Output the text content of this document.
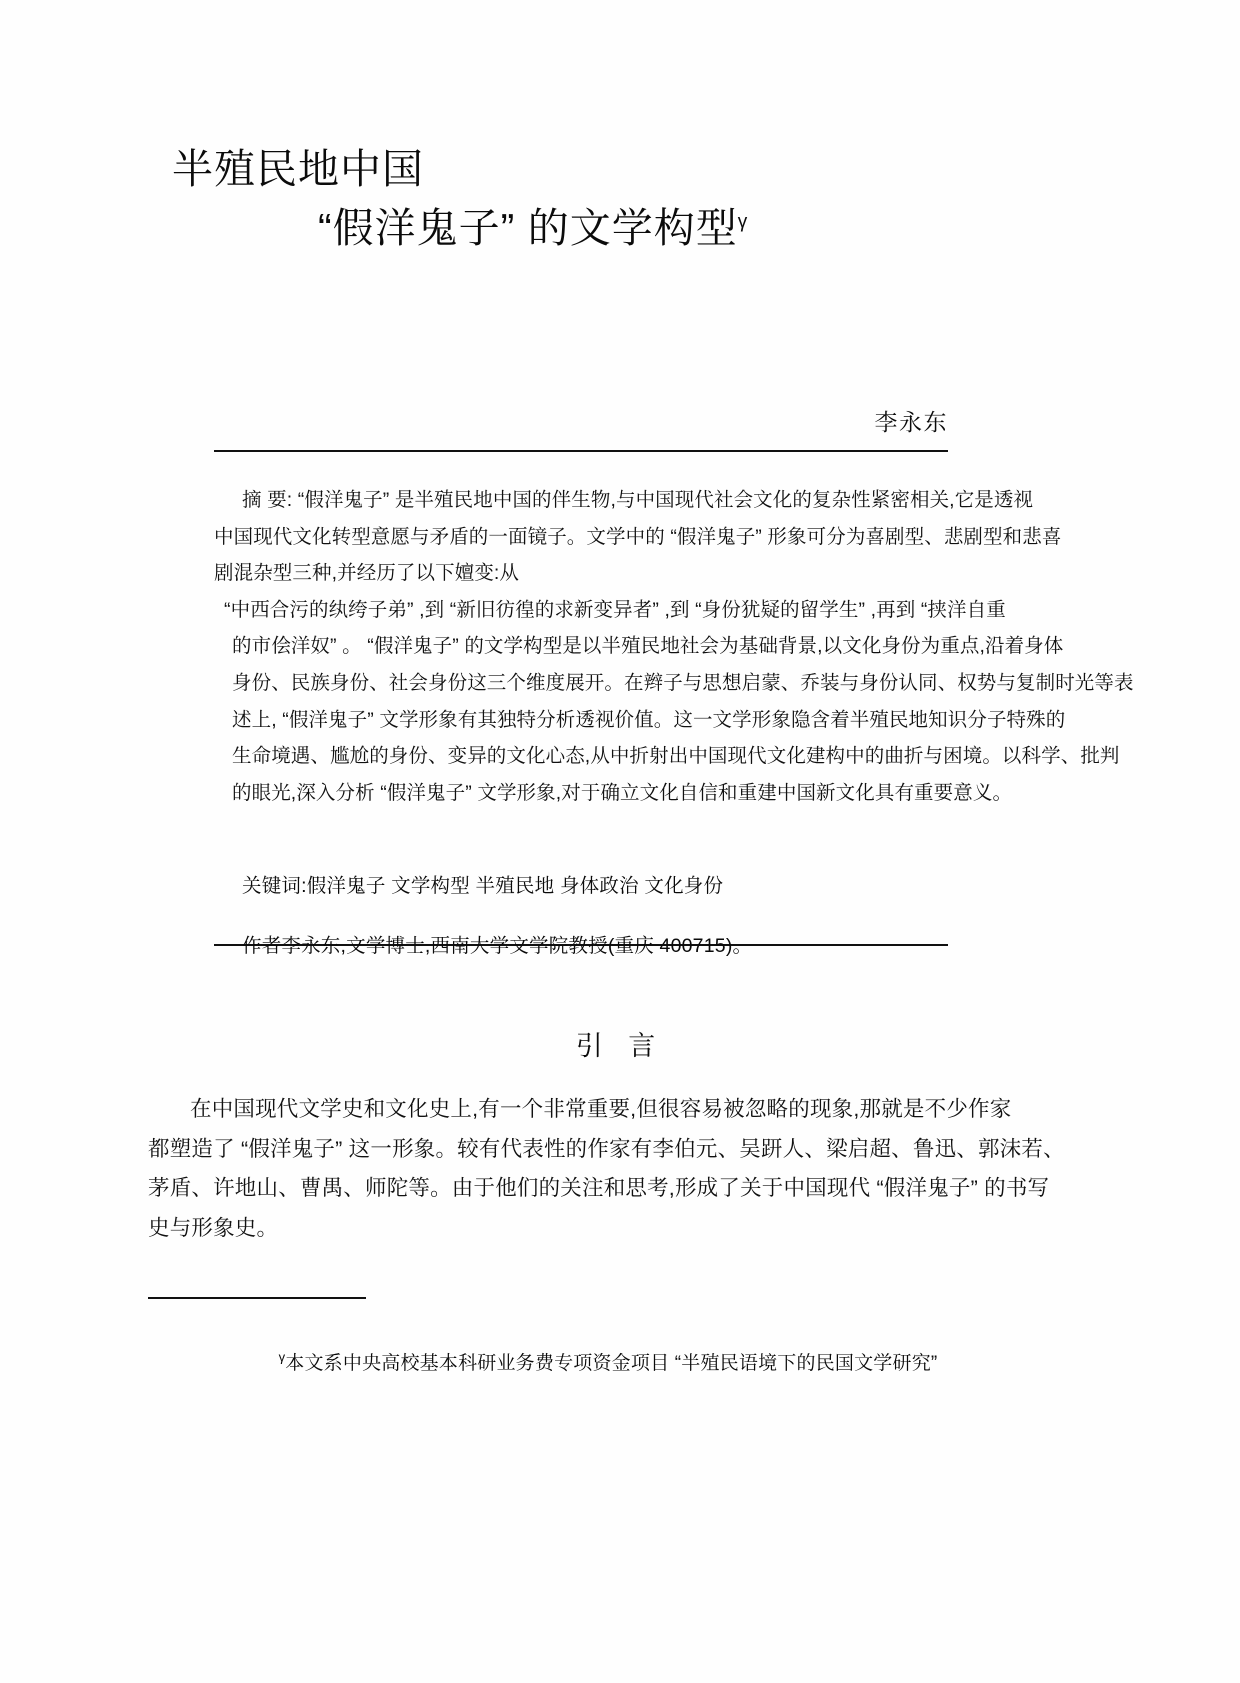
半殖民地中国
“假洋鬼子” 的文学构型$^\gamma$
李永东

摘 要: “假洋鬼子” 是半殖民地中国的伴生物,与中国现代社会文化的复杂性紧密相关,它是透视

中国现代文化转型意愿与矛盾的一面镜子。文学中的 “假洋鬼子” 形象可分为喜剧型、悲剧型和悲喜

剧混杂型三种,并经历了以下嬗变:从

“中西合污的纨绔子弟” ,到 “新旧彷徨的求新变异者” ,到 “身份犹疑的留学生” ,再到 “挟洋自重

的市侩洋奴” 。 “假洋鬼子” 的文学构型是以半殖民地社会为基础背景,以文化身份为重点,沿着身体

身份、民族身份、社会身份这三个维度展开。在辫子与思想启蒙、乔装与身份认同、权势与复制时光等表

述上, “假洋鬼子” 文学形象有其独特分析透视价值。这一文学形象隐含着半殖民地知识分子特殊的

生命境遇、尴尬的身份、变异的文化心态,从中折射出中国现代文化建构中的曲折与困境。以科学、批判

的眼光,深入分析 “假洋鬼子” 文学形象,对于确立文化自信和重建中国新文化具有重要意义。

关键词:假洋鬼子 文学构型 半殖民地 身体政治 文化身份
作者李永东,文学博士,西南大学文学院教授(重庆 400715)。
引 言

在中国现代文学史和文化史上,有一个非常重要,但很容易被忽略的现象,那就是不少作家

都塑造了 “假洋鬼子” 这一形象。较有代表性的作家有李伯元、吴趼人、梁启超、鲁迅、郭沫若、

茅盾、许地山、曹禺、师陀等。由于他们的关注和思考,形成了关于中国现代 “假洋鬼子” 的书写

史与形象史。

$^\gamma$本文系中央高校基本科研业务费专项资金项目 “半殖民语境下的民国文学研究”
